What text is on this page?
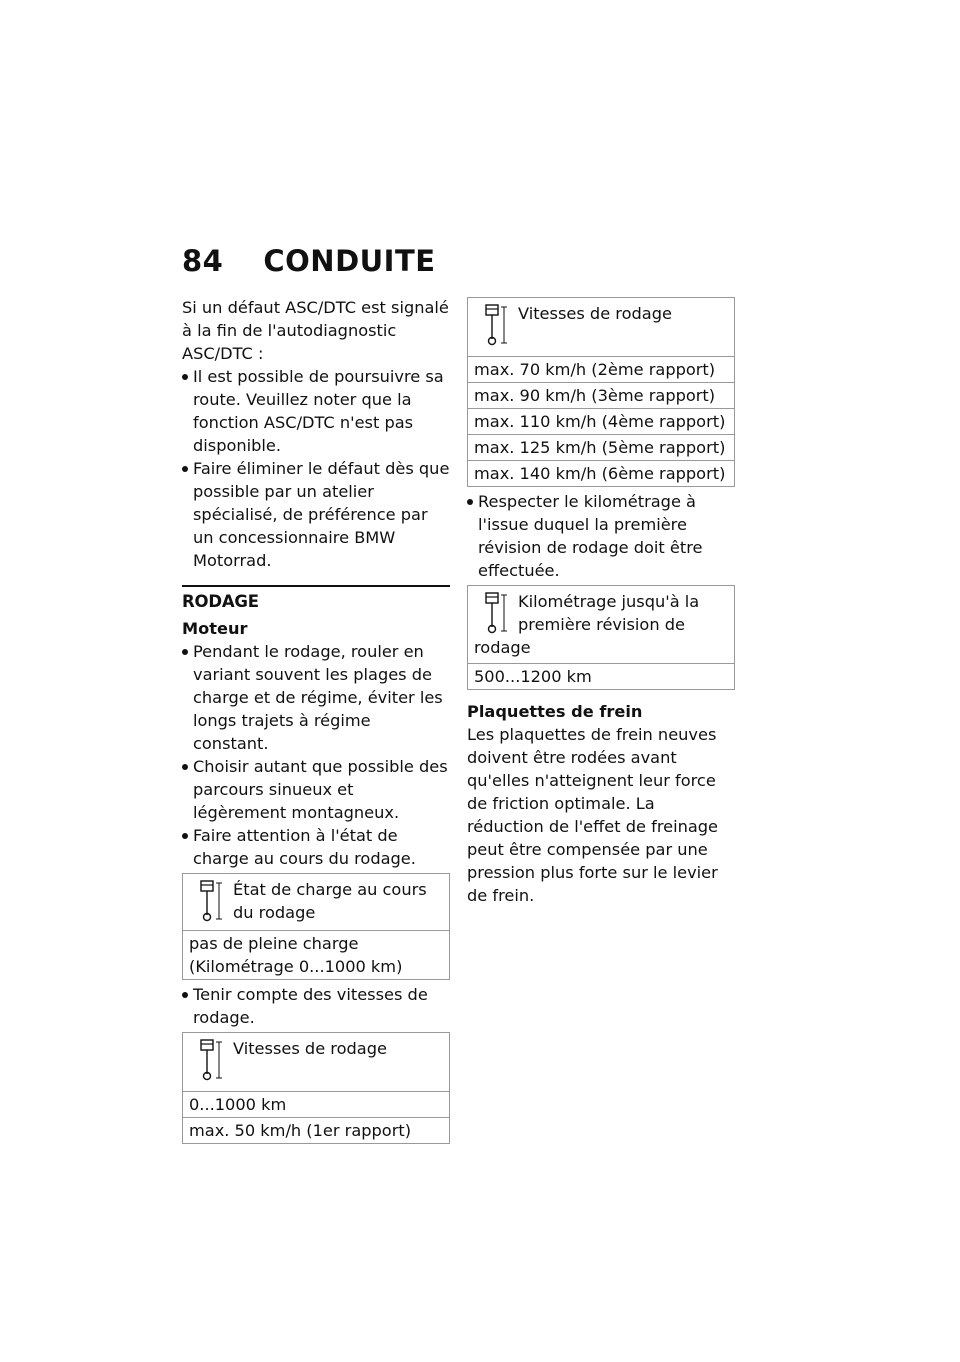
84 CONDUITE

Si un défaut ASC/DTC est signalé à la fin de l'autodiagnostic ASC/DTC :

Il est possible de poursuivre sa route. Veuillez noter que la fonction ASC/DTC n'est pas disponible.
Faire éliminer le défaut dès que possible par un atelier spécialisé, de préférence par un concessionnaire BMW Motorrad.
RODAGE
Moteur
Pendant le rodage, rouler en variant souvent les plages de charge et de régime, éviter les longs trajets à régime constant.
Choisir autant que possible des parcours sinueux et légèrement montagneux.
Faire attention à l'état de charge au cours du rodage.
État de charge au cours du rodage
pas de pleine charge (Kilométrage 0...1000 km)
Tenir compte des vitesses de rodage.
Vitesses de rodage
0...1000 km
max. 50 km/h (1er rapport)
Vitesses de rodage
max. 70 km/h (2ème rapport)
max. 90 km/h (3ème rapport)
max. 110 km/h (4ème rapport)
max. 125 km/h (5ème rapport)
max. 140 km/h (6ème rapport)
Respecter le kilométrage à l'issue duquel la première révision de rodage doit être effectuée.
Kilométrage jusqu'à la première révision de
rodage
500...1200 km
Plaquettes de frein

Les plaquettes de frein neuves doivent être rodées avant qu'elles n'atteignent leur force de friction optimale. La réduction de l'effet de freinage peut être compensée par une pression plus forte sur le levier de frein.
